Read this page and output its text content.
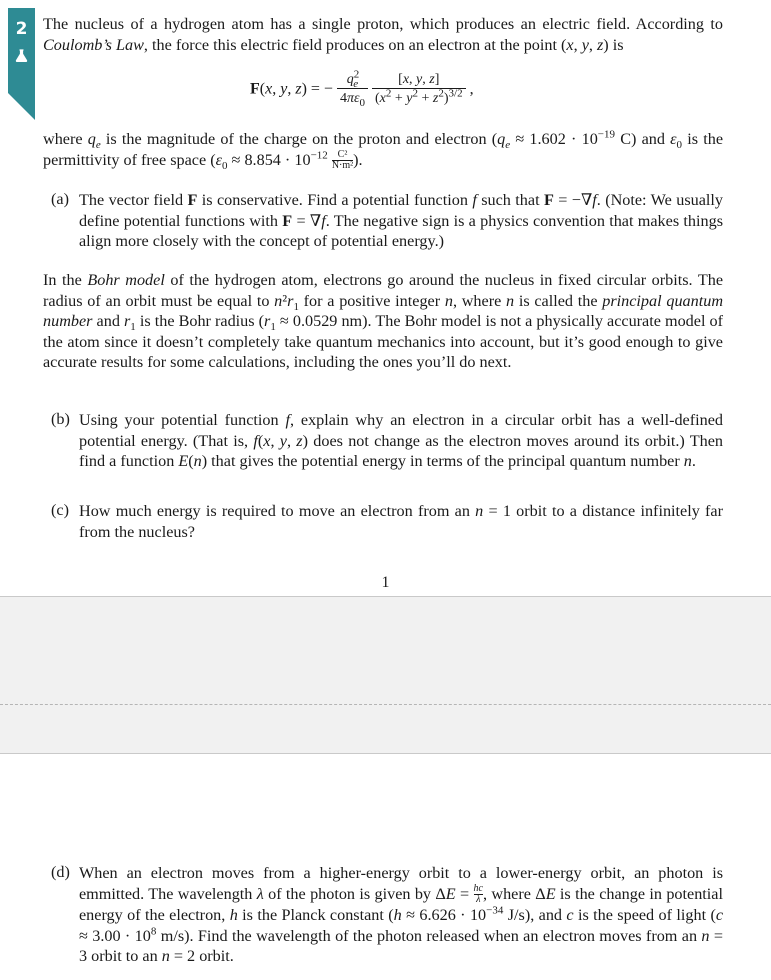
2 The nucleus of a hydrogen atom has a single proton, which produces an electric field. According to Coulomb’s Law, the force this electric field produces on an electron at the point (x, y, z) is

F(x, y, z) = − $\frac{q^2_e}{4\pi\varepsilon_0}$
$\frac{[x, y, z]}{(x^2 + y^2 + z^2)^{3/2}}$ ,

where $q_e$ is the magnitude of the charge on the proton and electron ($q_e \approx 1.602 \cdot 10^{-19}$ C) and $\varepsilon_0$ is the permittivity of free space ($\varepsilon_0 \approx 8.854 \cdot 10^{-12} \frac{\text{C²}}{\text{N·m²}}$ ).

(a) The vector field F is conservative. Find a potential function f such that F = −∇f. (Note: We usually define potential functions with F = ∇f. The negative sign is a physics convention that makes things align more closely with the concept of potential energy.)

In the Bohr model of the hydrogen atom, electrons go around the nucleus in fixed circular orbits. The radius of an orbit must be equal to $n^2r_1$ for a positive integer n, where n is called the principal quantum number and $r_1$ is the Bohr radius ($r_1 \approx 0.0529$ nm). The Bohr model is not a physically accurate model of the atom since it doesn’t completely take quantum mechanics into account, but it’s good enough to give accurate results for some calculations, including the ones you’ll do next.

(b) Using your potential function f, explain why an electron in a circular orbit has a well-defined potential energy. (That is, f(x, y, z) does not change as the electron moves around its orbit.) Then find a function E(n) that gives the potential energy in terms of the principal quantum number n.

(c) How much energy is required to move an electron from an n = 1 orbit to a distance infinitely far from the nucleus?

1
(d) When an electron moves from a higher-energy orbit to a lower-energy orbit, an photon is emmitted. The wavelength λ of the photon is given by $\Delta E = \frac{hc}{\lambda}$ , where ΔE is the change in potential energy of the electron, h is the Planck constant ($h \approx 6.626 \cdot 10^{-34}$ J/s), and c is the speed of light ($c \approx 3.00 \cdot 10^8$ m/s). Find the wavelength of the photon released when an electron moves from an n = 3 orbit to an n = 2 orbit.
